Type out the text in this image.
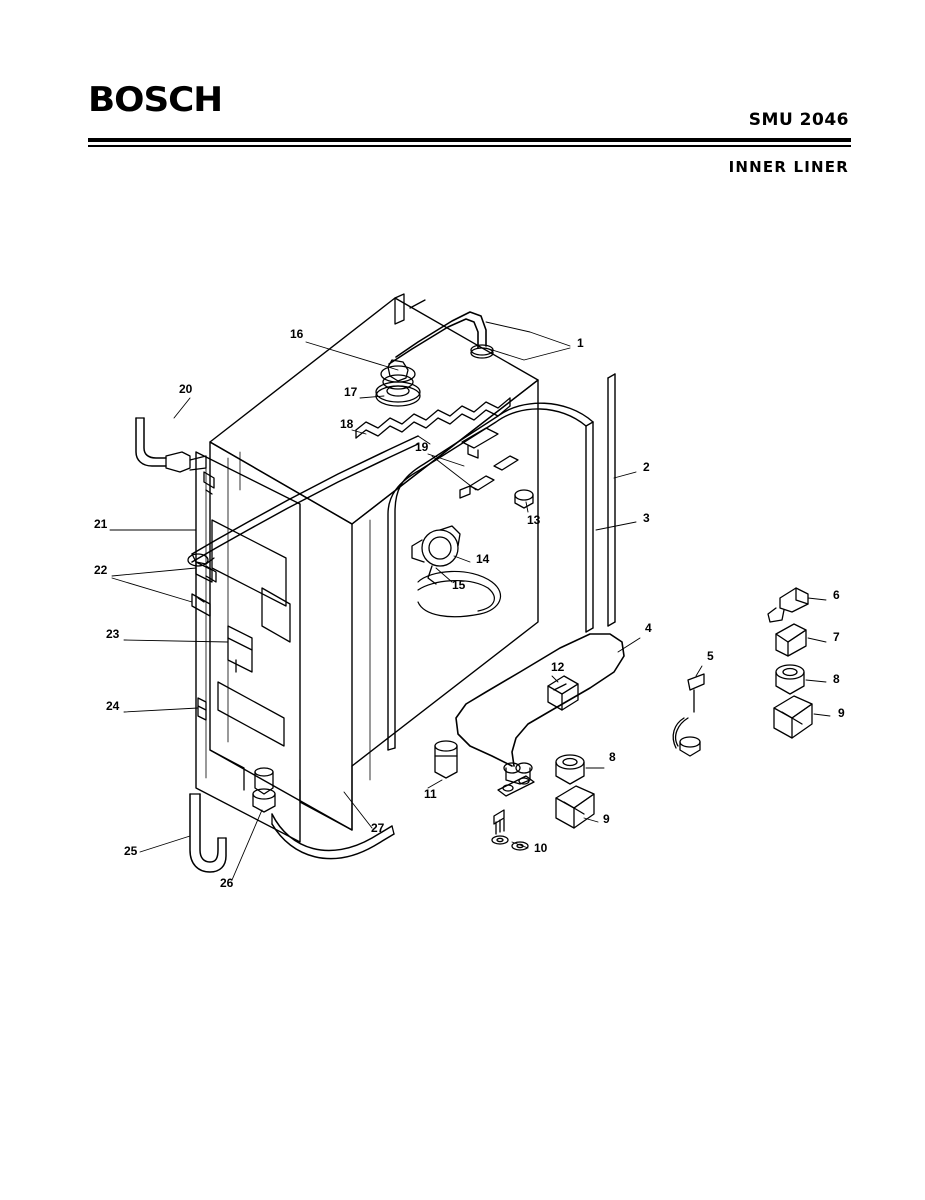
BOSCH	SMU 2046
INNER LINER
1
2
3
4
5
6
7
8
9
8
9
10
11
12
13
14
15
16
17
18
19
20
21
22
23
24
25
26
27
